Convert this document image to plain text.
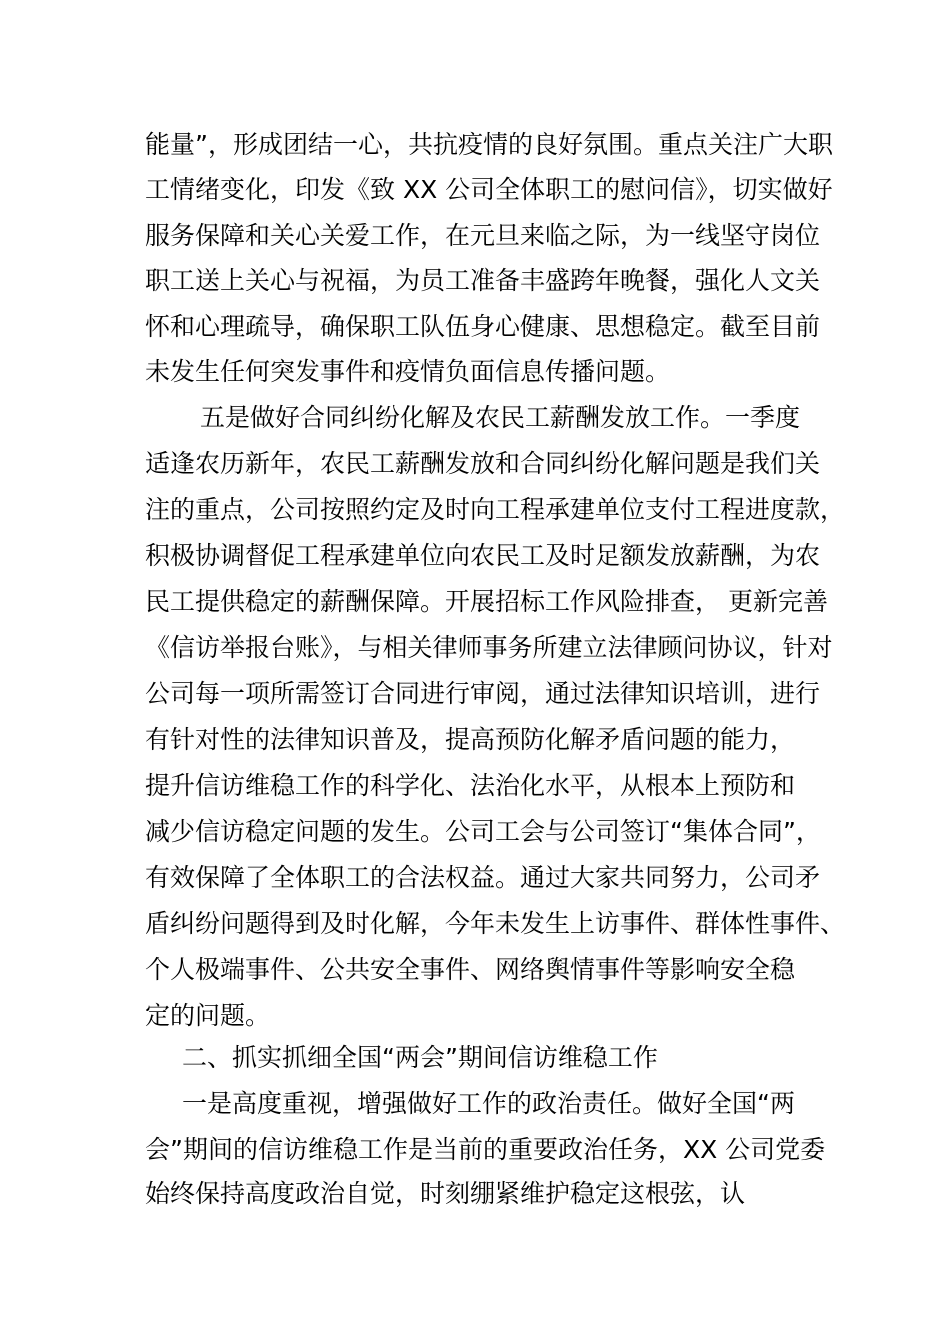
能量”，形成团结一心，共抗疫情的良好氛围。重点关注广大职
工情绪变化，印发《致 XX 公司全体职工的慰问信》，切实做好
服务保障和关心关爱工作，在元旦来临之际，为一线坚守岗位
职工送上关心与祝福，为员工准备丰盛跨年晚餐，强化人文关
怀和心理疏导，确保职工队伍身心健康、思想稳定。截至目前
未发生任何突发事件和疫情负面信息传播问题。
五是做好合同纠纷化解及农民工薪酬发放工作。一季度
适逢农历新年，农民工薪酬发放和合同纠纷化解问题是我们关
注的重点，公司按照约定及时向工程承建单位支付工程进度款，
积极协调督促工程承建单位向农民工及时足额发放薪酬，为农
民工提供稳定的薪酬保障。开展招标工作风险排查， 更新完善
《信访举报台账》，与相关律师事务所建立法律顾问协议，针对
公司每一项所需签订合同进行审阅，通过法律知识培训，进行
有针对性的法律知识普及，提高预防化解矛盾问题的能力，
提升信访维稳工作的科学化、法治化水平，从根本上预防和
减少信访稳定问题的发生。公司工会与公司签订“集体合同”，
有效保障了全体职工的合法权益。通过大家共同努力，公司矛
盾纠纷问题得到及时化解，今年未发生上访事件、群体性事件、
个人极端事件、公共安全事件、网络舆情事件等影响安全稳
定的问题。
二、抓实抓细全国“两会”期间信访维稳工作
一是高度重视，增强做好工作的政治责任。做好全国“两
会”期间的信访维稳工作是当前的重要政治任务，XX 公司党委
始终保持高度政治自觉，时刻绷紧维护稳定这根弦，认
